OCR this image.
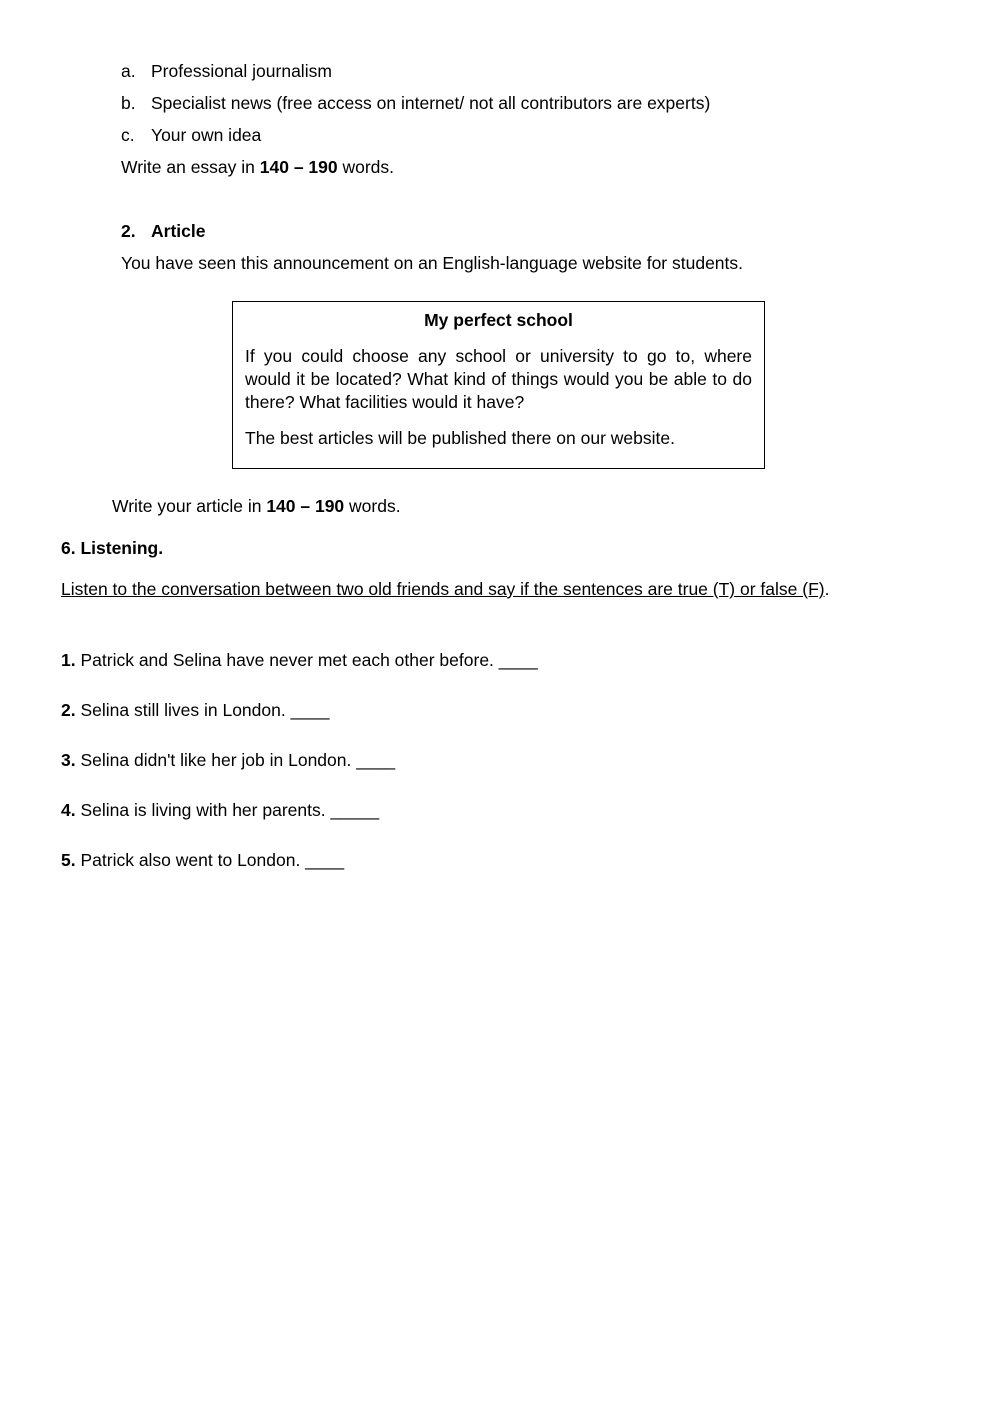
a. Professional journalism
b. Specialist news (free access on internet/ not all contributors are experts)
c. Your own idea
Write an essay in 140 – 190 words.
2. Article
You have seen this announcement on an English-language website for students.
My perfect school
If you could choose any school or university to go to, where would it be located? What kind of things would you be able to do there? What facilities would it have?
The best articles will be published there on our website.
Write your article in 140 – 190 words.
6. Listening.
Listen to the conversation between two old friends and say if the sentences are true (T) or false (F).
1. Patrick and Selina have never met each other before. ____
2. Selina still lives in London. ____
3. Selina didn't like her job in London. ____
4. Selina is living with her parents. _____
5. Patrick also went to London. ____
